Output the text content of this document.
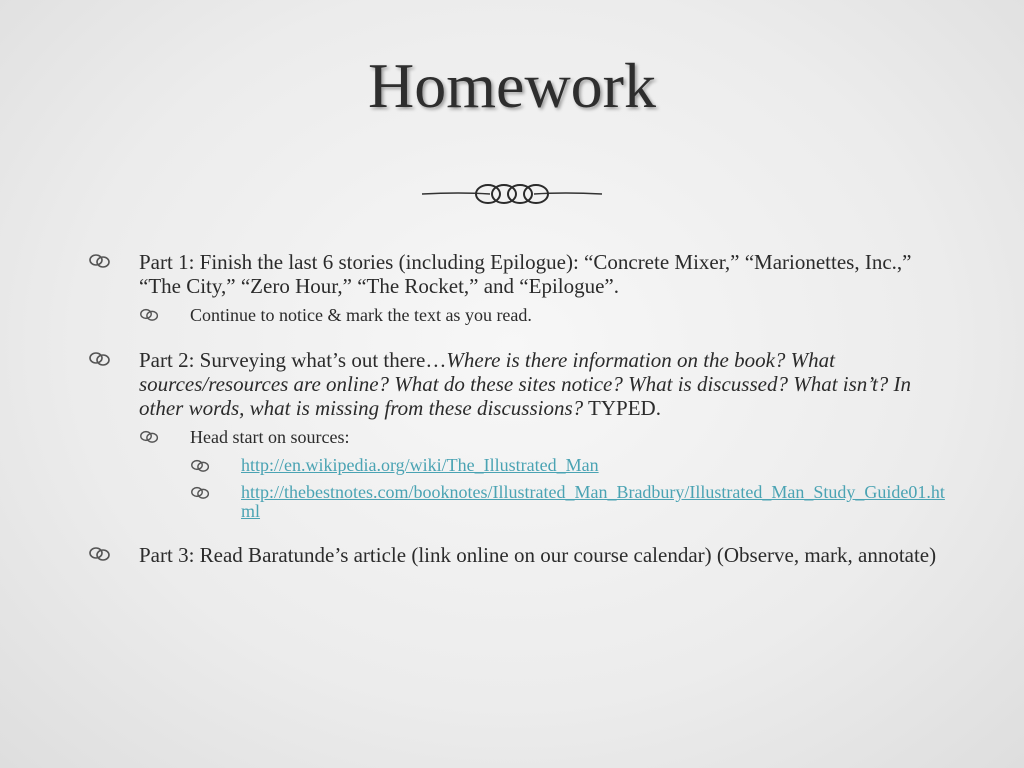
Homework
Part 1: Finish the last 6 stories (including Epilogue): “Concrete Mixer,” “Marionettes, Inc.,” “The City,” “Zero Hour,” “The Rocket,” and “Epilogue”.
Continue to notice & mark the text as you read.
Part 2: Surveying what’s out there…Where is there information on the book? What sources/resources are online? What do these sites notice? What is discussed? What isn’t? In other words, what is missing from these discussions? TYPED.
Head start on sources:
http://en.wikipedia.org/wiki/The_Illustrated_Man
http://thebestnotes.com/booknotes/Illustrated_Man_Bradbury/Illustrated_Man_Study_Guide01.html
Part 3: Read Baratunde’s article (link online on our course calendar) (Observe, mark, annotate)
